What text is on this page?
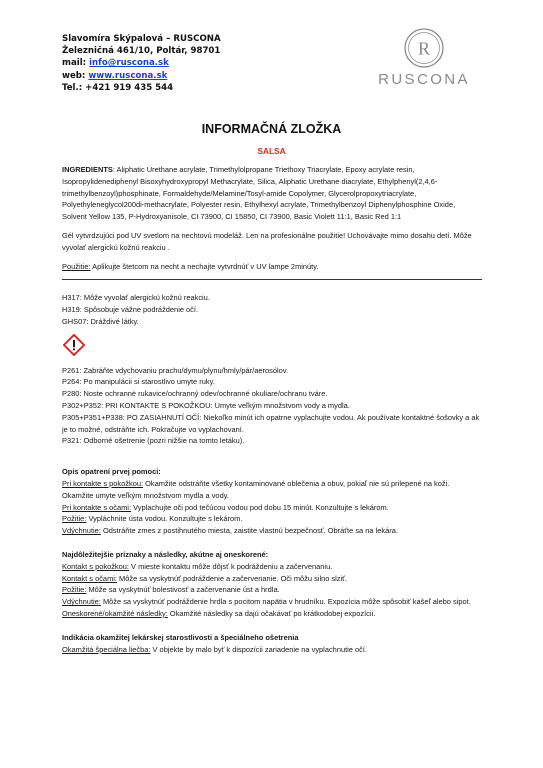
Slavomíra Skýpalová – RUSCONA
Železničná 461/10, Poltár, 98701
mail: info@ruscona.sk
web: www.ruscona.sk
Tel.: +421 919 435 544
R
RUSCONA
INFORMAČNÁ ZLOŽKA
SALSA

INGREDIENTS: Aliphatic Urethane acrylate, Trimethylolpropane Triethoxy Triacrylate, Epoxy acrylate resin, Isopropylidenediphenyl Bisoxyhydroxypropyl Methacrylate, Silica, Aliphatic Urethane diacrylate, Ethylphenyl(2,4,6-trimethylbenzoyl)phosphinate, Formaldehyde/Melamine/Tosyl-amide Copolymer, Glycerolpropoxytriacrylate, Polyethyleneglycol200di-methacrylate, Polyester resin, Ethylhexyl acrylate, Trimethylbenzoyl Diphenylphosphine Oxide, Solvent Yellow 135, P-Hydroxyanisole, CI 73900, CI 15850, CI 73900, Basic Violett 11:1, Basic Red 1:1

Gél vytvrdzujúci pod UV svetlom na nechtovú modeláž. Len na profesionálne použitie! Uchovávajte mimo dosahu detí. Môže vyvolať alergickú kožnú reakciu .

Použitie: Aplikujte štetcom na necht a nechajte vytvrdnúť v UV lampe 2minúty.

H317: Môže vyvolať alergickú kožnú reakciu.

H319: Spôsobuje vážne podráždenie očí.

GHS07: Dráždivé látky.

P261: Zabráňte vdychovaniu prachu/dymu/plynu/hmly/pár/aerosólov.

P264: Po manipulácii si starostlivo umyte ruky.

P280: Noste ochranné rukavice/ochranný odev/ochranné okuliare/ochranu tváre.

P302+P352: PRI KONTAKTE S POKOŽKOU: Umyte veľkým množstvom vody a mydla.

P305+P351+P338: PO ZASIAHNUTÍ OČÍ: Niekoľko minút ich opatrne vyplachujte vodou. Ak používate kontaktné šošovky a ak je to možné, odstráňte ich. Pokračujte vo vyplachovaní.

P321: Odborné ošetrenie (pozri nižšie na tomto letáku).

Opis opatrení prvej pomoci:

Pri kontakte s pokožkou: Okamžite odstráňte všetky kontaminované oblečenia a obuv, pokiaľ nie sú prilepené na koži. Okamžite umyte veľkým množstvom mydla a vody.

Pri kontakte s očami: Vyplachujte oči pod tečúcou vodou pod dobu 15 minút. Konzultujte s lekárom.

Požitie: Vypláchnite ústa vodou. Konzultujte s lekárom.

Vdýchnutie: Odstráňte zmes z postihnutého miesta, zaistite vlastnú bezpečnosť. Obráťte sa na lekára.

Najdôležitejšie príznaky a následky, akútne aj oneskorené:

Kontakt s pokožkou: V mieste kontaktu môže dôjsť k podráždeniu a začervenaniu.

Kontakt s očami: Môže sa vyskytnúť podráždenie a začervenanie. Oči môžu silno slziť.

Požitie: Môže sa vyskytnúť bolestivosť a začervenanie úst a hrdla.

Vdýchnutie: Môže sa vyskytnúť podráždenie hrdla s pocitom napätia v hrudníku. Expozícia môže spôsobiť kašeľ alebo sipot.

Oneskorené/okamžité následky: Okamžité následky sa dajú očakávať po krátkodobej expozícii.

Indikácia okamžitej lekárskej starostlivosti a špeciálneho ošetrenia

Okamžitá špeciálna liečba: V objekte by malo byť k dispozícii zariadenie na vyplachnutie očí.
